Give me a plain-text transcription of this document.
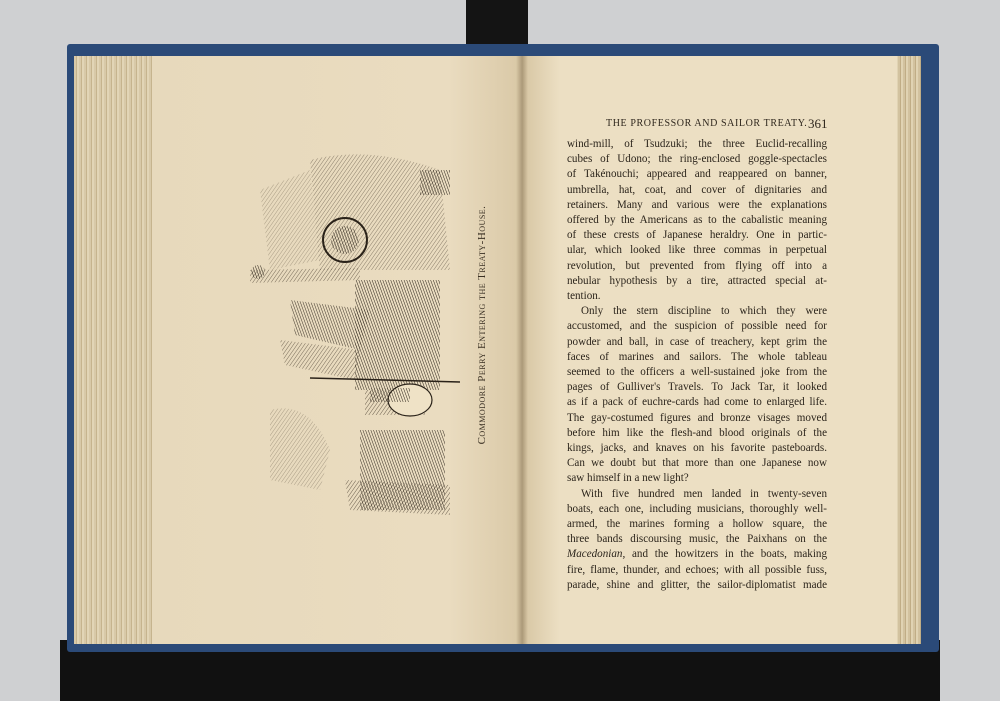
Commodore Perry Entering the Treaty-House.
THE PROFESSOR AND SAILOR TREATY. 361
wind-mill, of Tsudzuki; the three Euclid-recalling
cubes of Udono; the ring-enclosed goggle-spectacles
of Takénouchi; appeared and reappeared on banner,
umbrella, hat, coat, and cover of dignitaries and
retainers. Many and various were the explanations
offered by the Americans as to the cabalistic meaning
of these crests of Japanese heraldry. One in partic-
ular, which looked like three commas in perpetual
revolution, but prevented from flying off into a
nebular hypothesis by a tire, attracted special at-
tention.
Only the stern discipline to which they were
accustomed, and the suspicion of possible need for
powder and ball, in case of treachery, kept grim the
faces of marines and sailors. The whole tableau
seemed to the officers a well-sustained joke from the
pages of Gulliver's Travels. To Jack Tar, it looked
as if a pack of euchre-cards had come to enlarged life.
The gay-costumed figures and bronze visages moved
before him like the flesh-and blood originals of the
kings, jacks, and knaves on his favorite pasteboards.
Can we doubt but that more than one Japanese now
saw himself in a new light?
With five hundred men landed in twenty-seven
boats, each one, including musicians, thoroughly well-
armed, the marines forming a hollow square, the
three bands discoursing music, the Paixhans on the
Macedonian, and the howitzers in the boats, making
fire, flame, thunder, and echoes; with all possible fuss,
parade, shine and glitter, the sailor-diplomatist made
